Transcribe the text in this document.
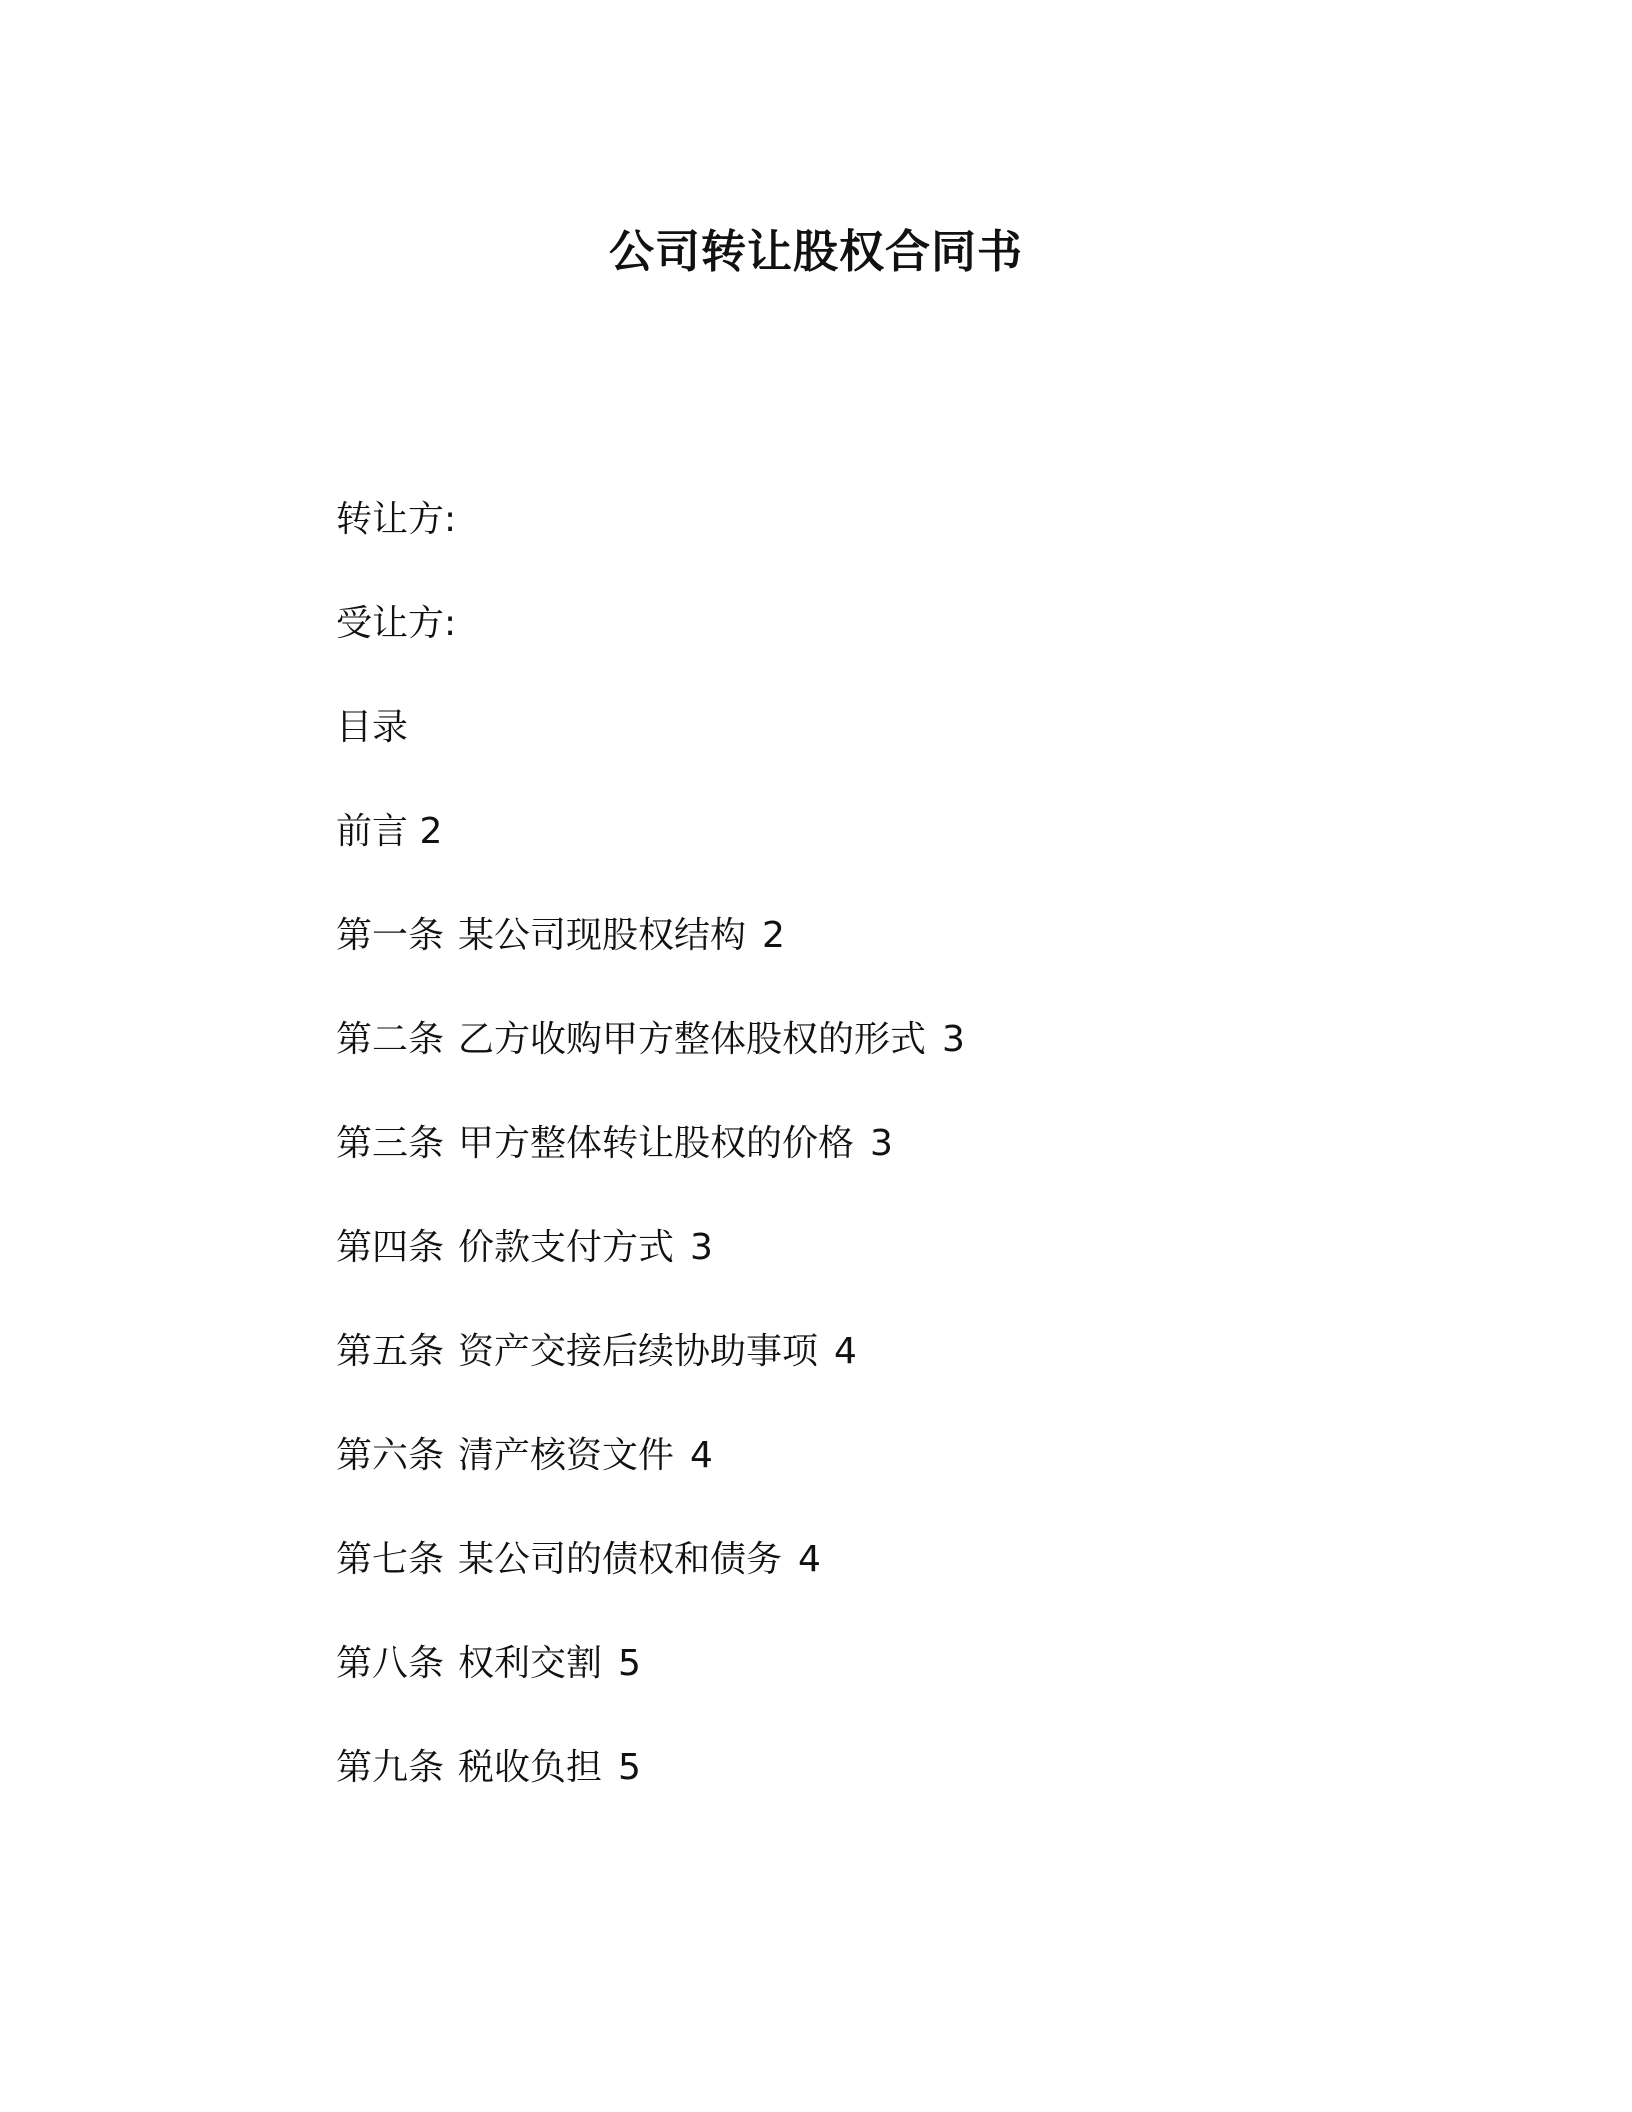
公司转让股权合同书
转让方:
受让方:
目录
前言 2
第一条 某公司现股权结构 2
第二条 乙方收购甲方整体股权的形式 3
第三条 甲方整体转让股权的价格 3
第四条 价款支付方式 3
第五条 资产交接后续协助事项 4
第六条 清产核资文件 4
第七条 某公司的债权和债务 4
第八条 权利交割 5
第九条 税收负担 5
